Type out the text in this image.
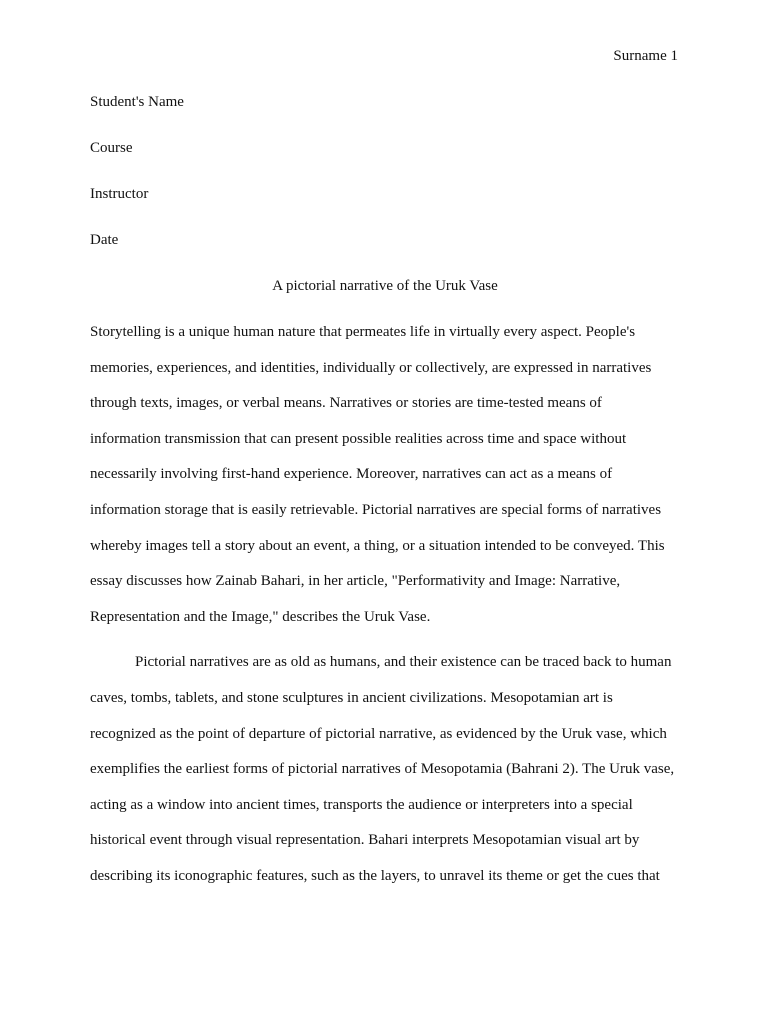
Surname 1
Student's Name
Course
Instructor
Date
A pictorial narrative of the Uruk Vase
Storytelling is a unique human nature that permeates life in virtually every aspect. People's
memories, experiences, and identities, individually or collectively, are expressed in narratives
through texts, images, or verbal means. Narratives or stories are time-tested means of
information transmission that can present possible realities across time and space without
necessarily involving first-hand experience. Moreover, narratives can act as a means of
information storage that is easily retrievable. Pictorial narratives are special forms of narratives
whereby images tell a story about an event, a thing, or a situation intended to be conveyed. This
essay discusses how Zainab Bahari, in her article, "Performativity and Image: Narrative,
Representation and the Image," describes the Uruk Vase.
Pictorial narratives are as old as humans, and their existence can be traced back to human
caves, tombs, tablets, and stone sculptures in ancient civilizations. Mesopotamian art is
recognized as the point of departure of pictorial narrative, as evidenced by the Uruk vase, which
exemplifies the earliest forms of pictorial narratives of Mesopotamia (Bahrani 2). The Uruk vase,
acting as a window into ancient times, transports the audience or interpreters into a special
historical event through visual representation. Bahari interprets Mesopotamian visual art by
describing its iconographic features, such as the layers, to unravel its theme or get the cues that
